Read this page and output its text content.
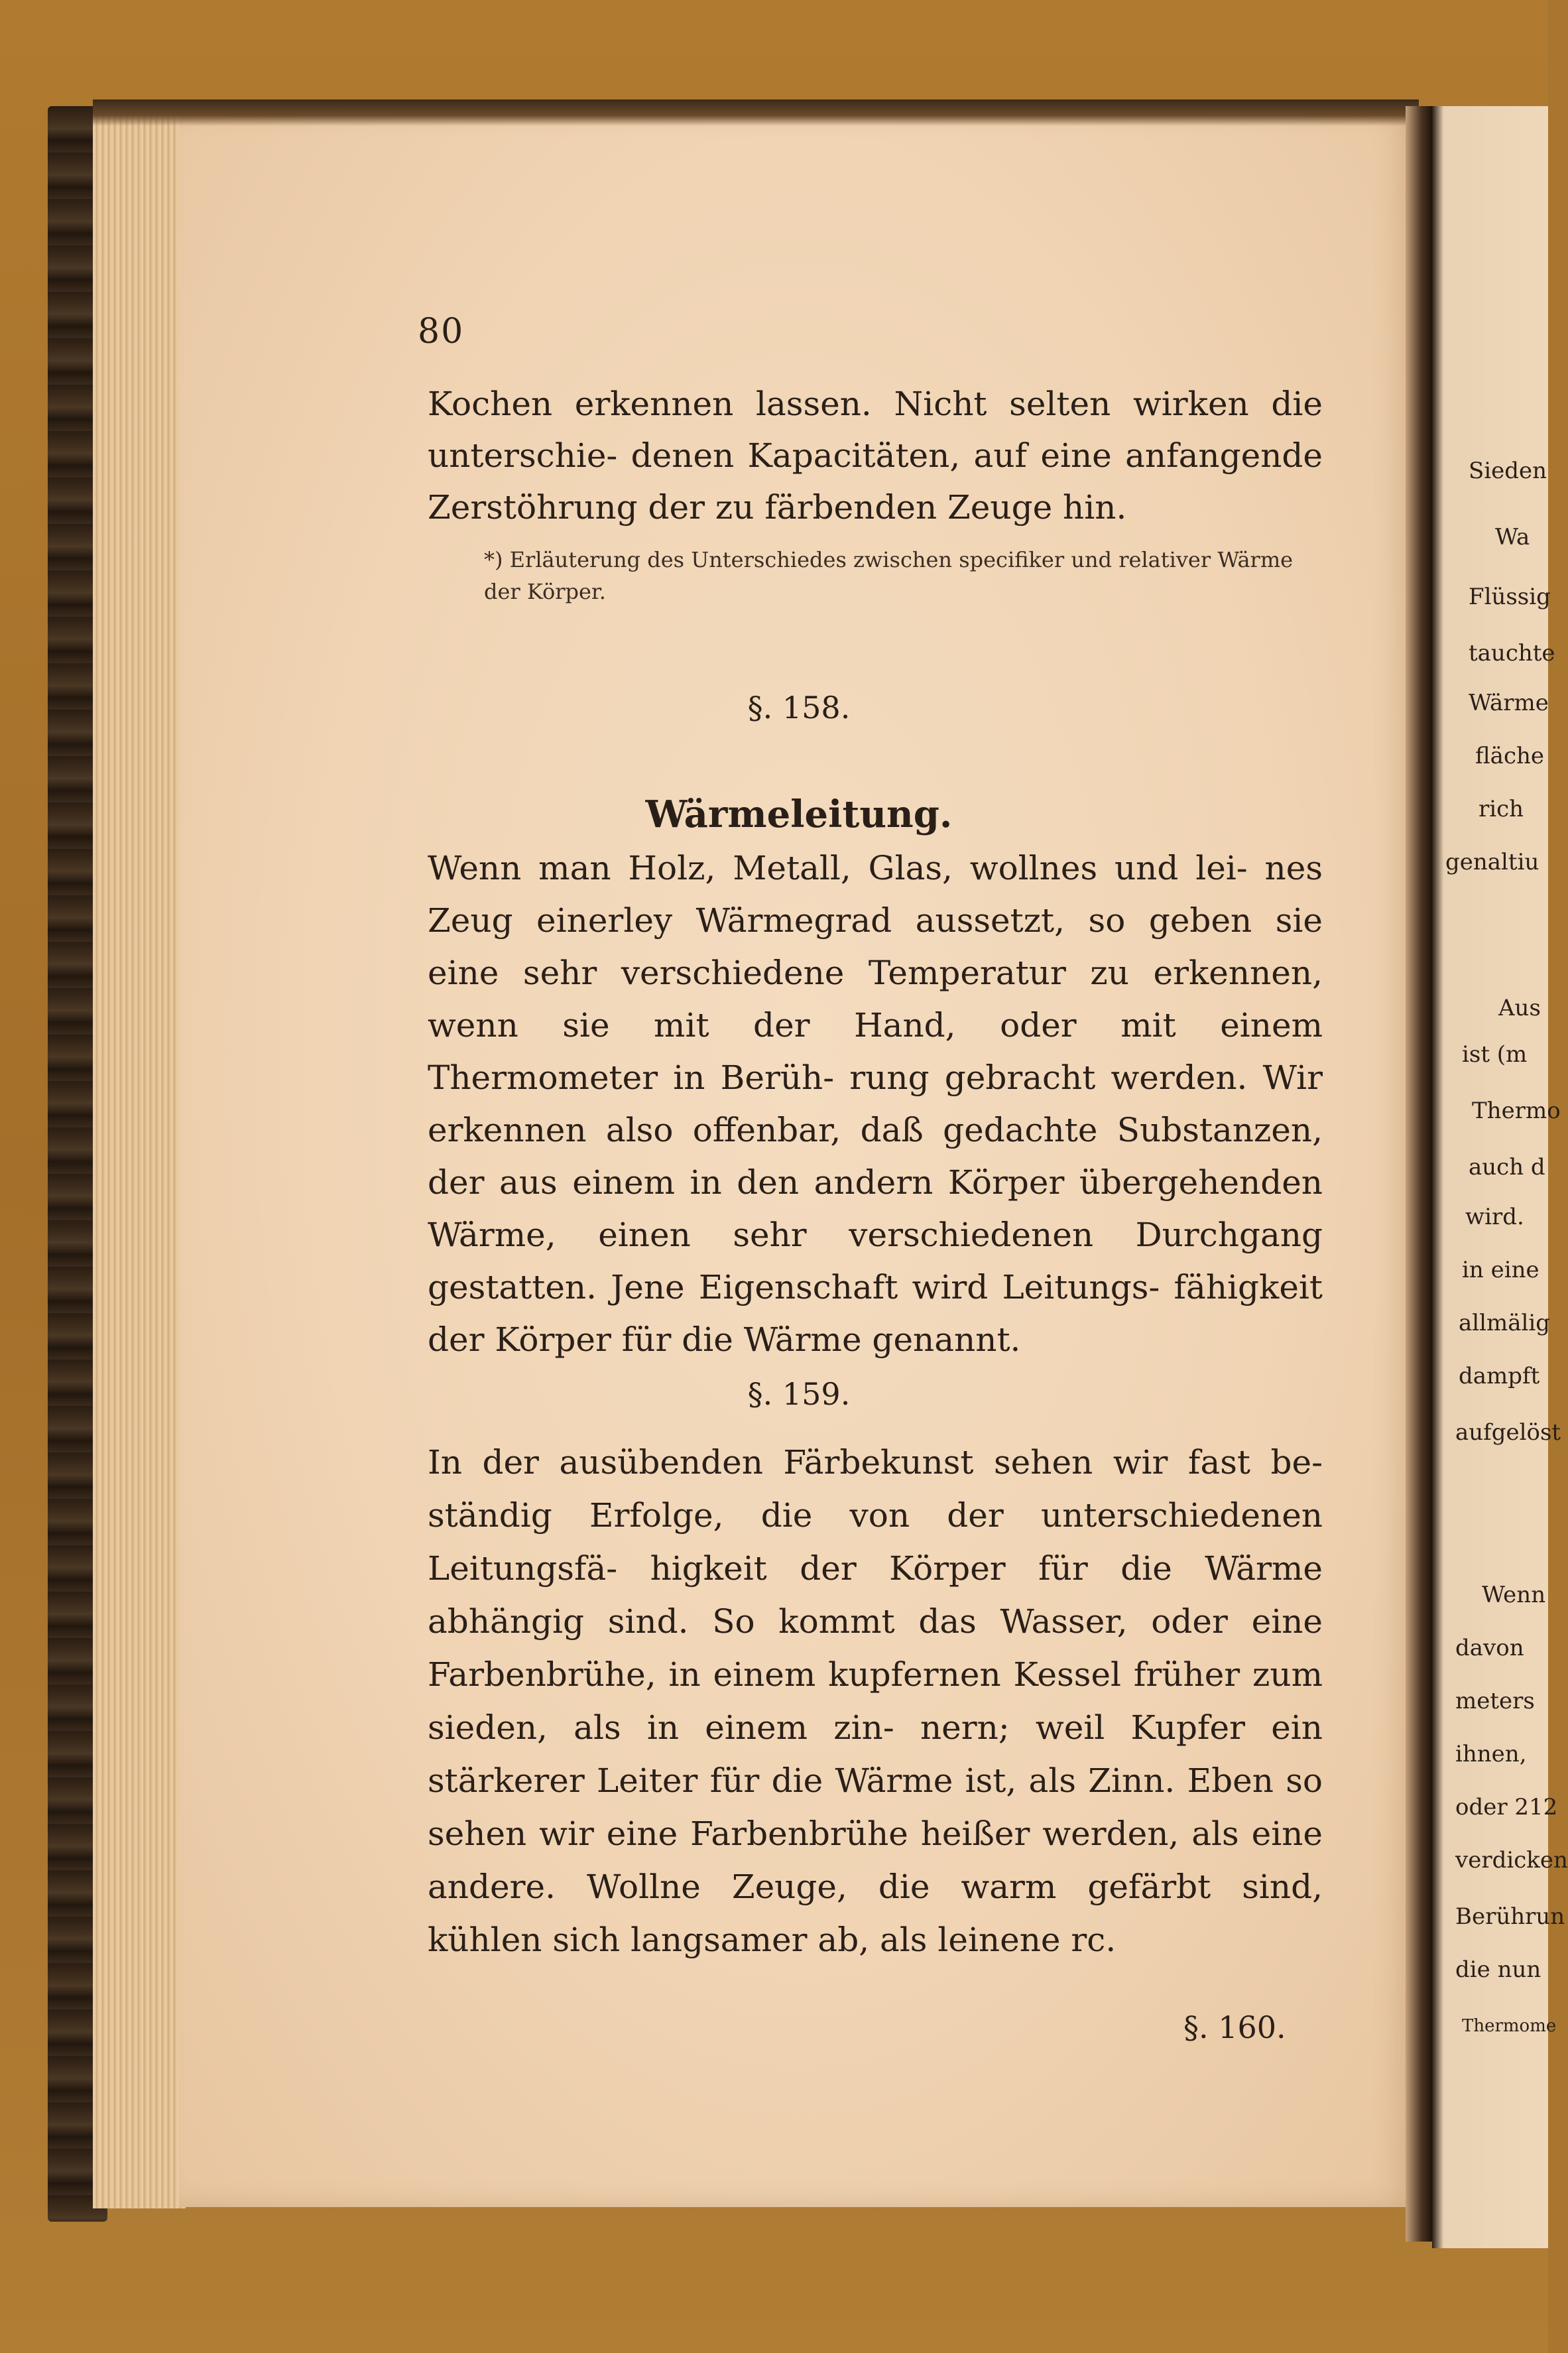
80
Kochen erkennen lassen. Nicht selten wirken die unterschie- denen Kapacitäten, auf eine anfangende Zerstöhrung der zu färbenden Zeuge hin.
*) Erläuterung des Unterschiedes zwischen specifiker und relativer Wärme der Körper.
§. 158.
Wärmeleitung.
Wenn man Holz, Metall, Glas, wollnes und lei- nes Zeug einerley Wärmegrad aussetzt, so geben sie eine sehr verschiedene Temperatur zu erkennen, wenn sie mit der Hand, oder mit einem Thermometer in Berüh- rung gebracht werden. Wir erkennen also offenbar, daß gedachte Substanzen, der aus einem in den andern Körper übergehenden Wärme, einen sehr verschiedenen Durchgang gestatten. Jene Eigenschaft wird Leitungs- fähigkeit der Körper für die Wärme genannt.
§. 159.
In der ausübenden Färbekunst sehen wir fast be- ständig Erfolge, die von der unterschiedenen Leitungsfä- higkeit der Körper für die Wärme abhängig sind. So kommt das Wasser, oder eine Farbenbrühe, in einem kupfernen Kessel früher zum sieden, als in einem zin- nern; weil Kupfer ein stärkerer Leiter für die Wärme ist, als Zinn. Eben so sehen wir eine Farbenbrühe heißer werden, als eine andere. Wollne Zeuge, die warm gefärbt sind, kühlen sich langsamer ab, als leinene rc.
§. 160.
Sieden
Wa
Flüssig
tauchte
Wärme
fläche
rich
genaltiu
Aus
ist (m
Thermo
auch d
wird.
in eine
allmälig
dampft
aufgelöst
Wenn
davon
meters
ihnen,
oder 212
verdicken
Berührun
die nun
Thermome
